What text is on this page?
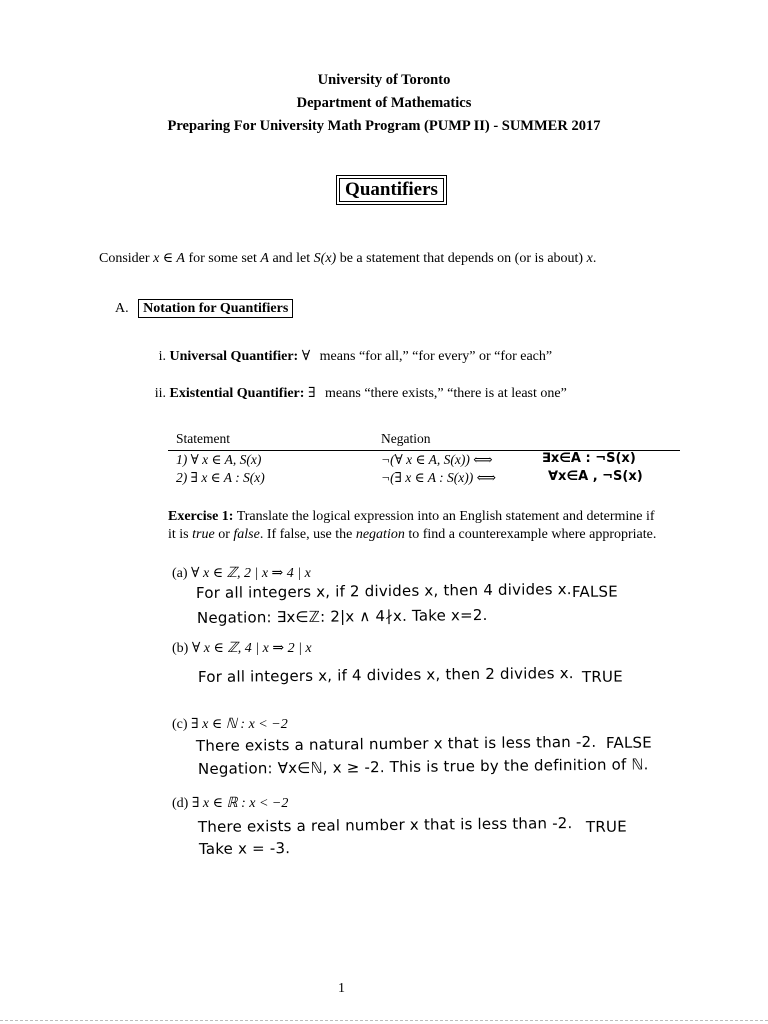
University of Toronto
Department of Mathematics
Preparing For University Math Program (PUMP II) - SUMMER 2017
Quantifiers
Consider x ∈ A for some set A and let S(x) be a statement that depends on (or is about) x.
A. Notation for Quantifiers
i. Universal Quantifier: ∀ means “for all,” “for every” or “for each”
ii. Existential Quantifier: ∃ means “there exists,” “there is at least one”
Statement	Negation
1) ∀ x ∈ A, S(x)	¬(∀ x ∈ A, S(x)) ⟺	∃x∈A : ¬S(x)
2) ∃ x ∈ A : S(x)	¬(∃ x ∈ A : S(x)) ⟺	∀x∈A , ¬S(x)
Exercise 1: Translate the logical expression into an English statement and determine if
it is true or false. If false, use the negation to find a counterexample where appropriate.
(a) ∀ x ∈ ℤ, 2 | x ⇒ 4 | x
For all integers x, if 2 divides x, then 4 divides x. FALSE
Negation: ∃x∈ℤ: 2|x ∧ 4∤x. Take x=2.
(b) ∀ x ∈ ℤ, 4 | x ⇒ 2 | x
For all integers x, if 4 divides x, then 2 divides x. TRUE
(c) ∃ x ∈ ℕ : x < −2
There exists a natural number x that is less than -2. FALSE
Negation: ∀x∈ℕ, x ≥ -2. This is true by the definition of ℕ.
(d) ∃ x ∈ ℝ : x < −2
There exists a real number x that is less than -2. TRUE
Take x = -3.
1
